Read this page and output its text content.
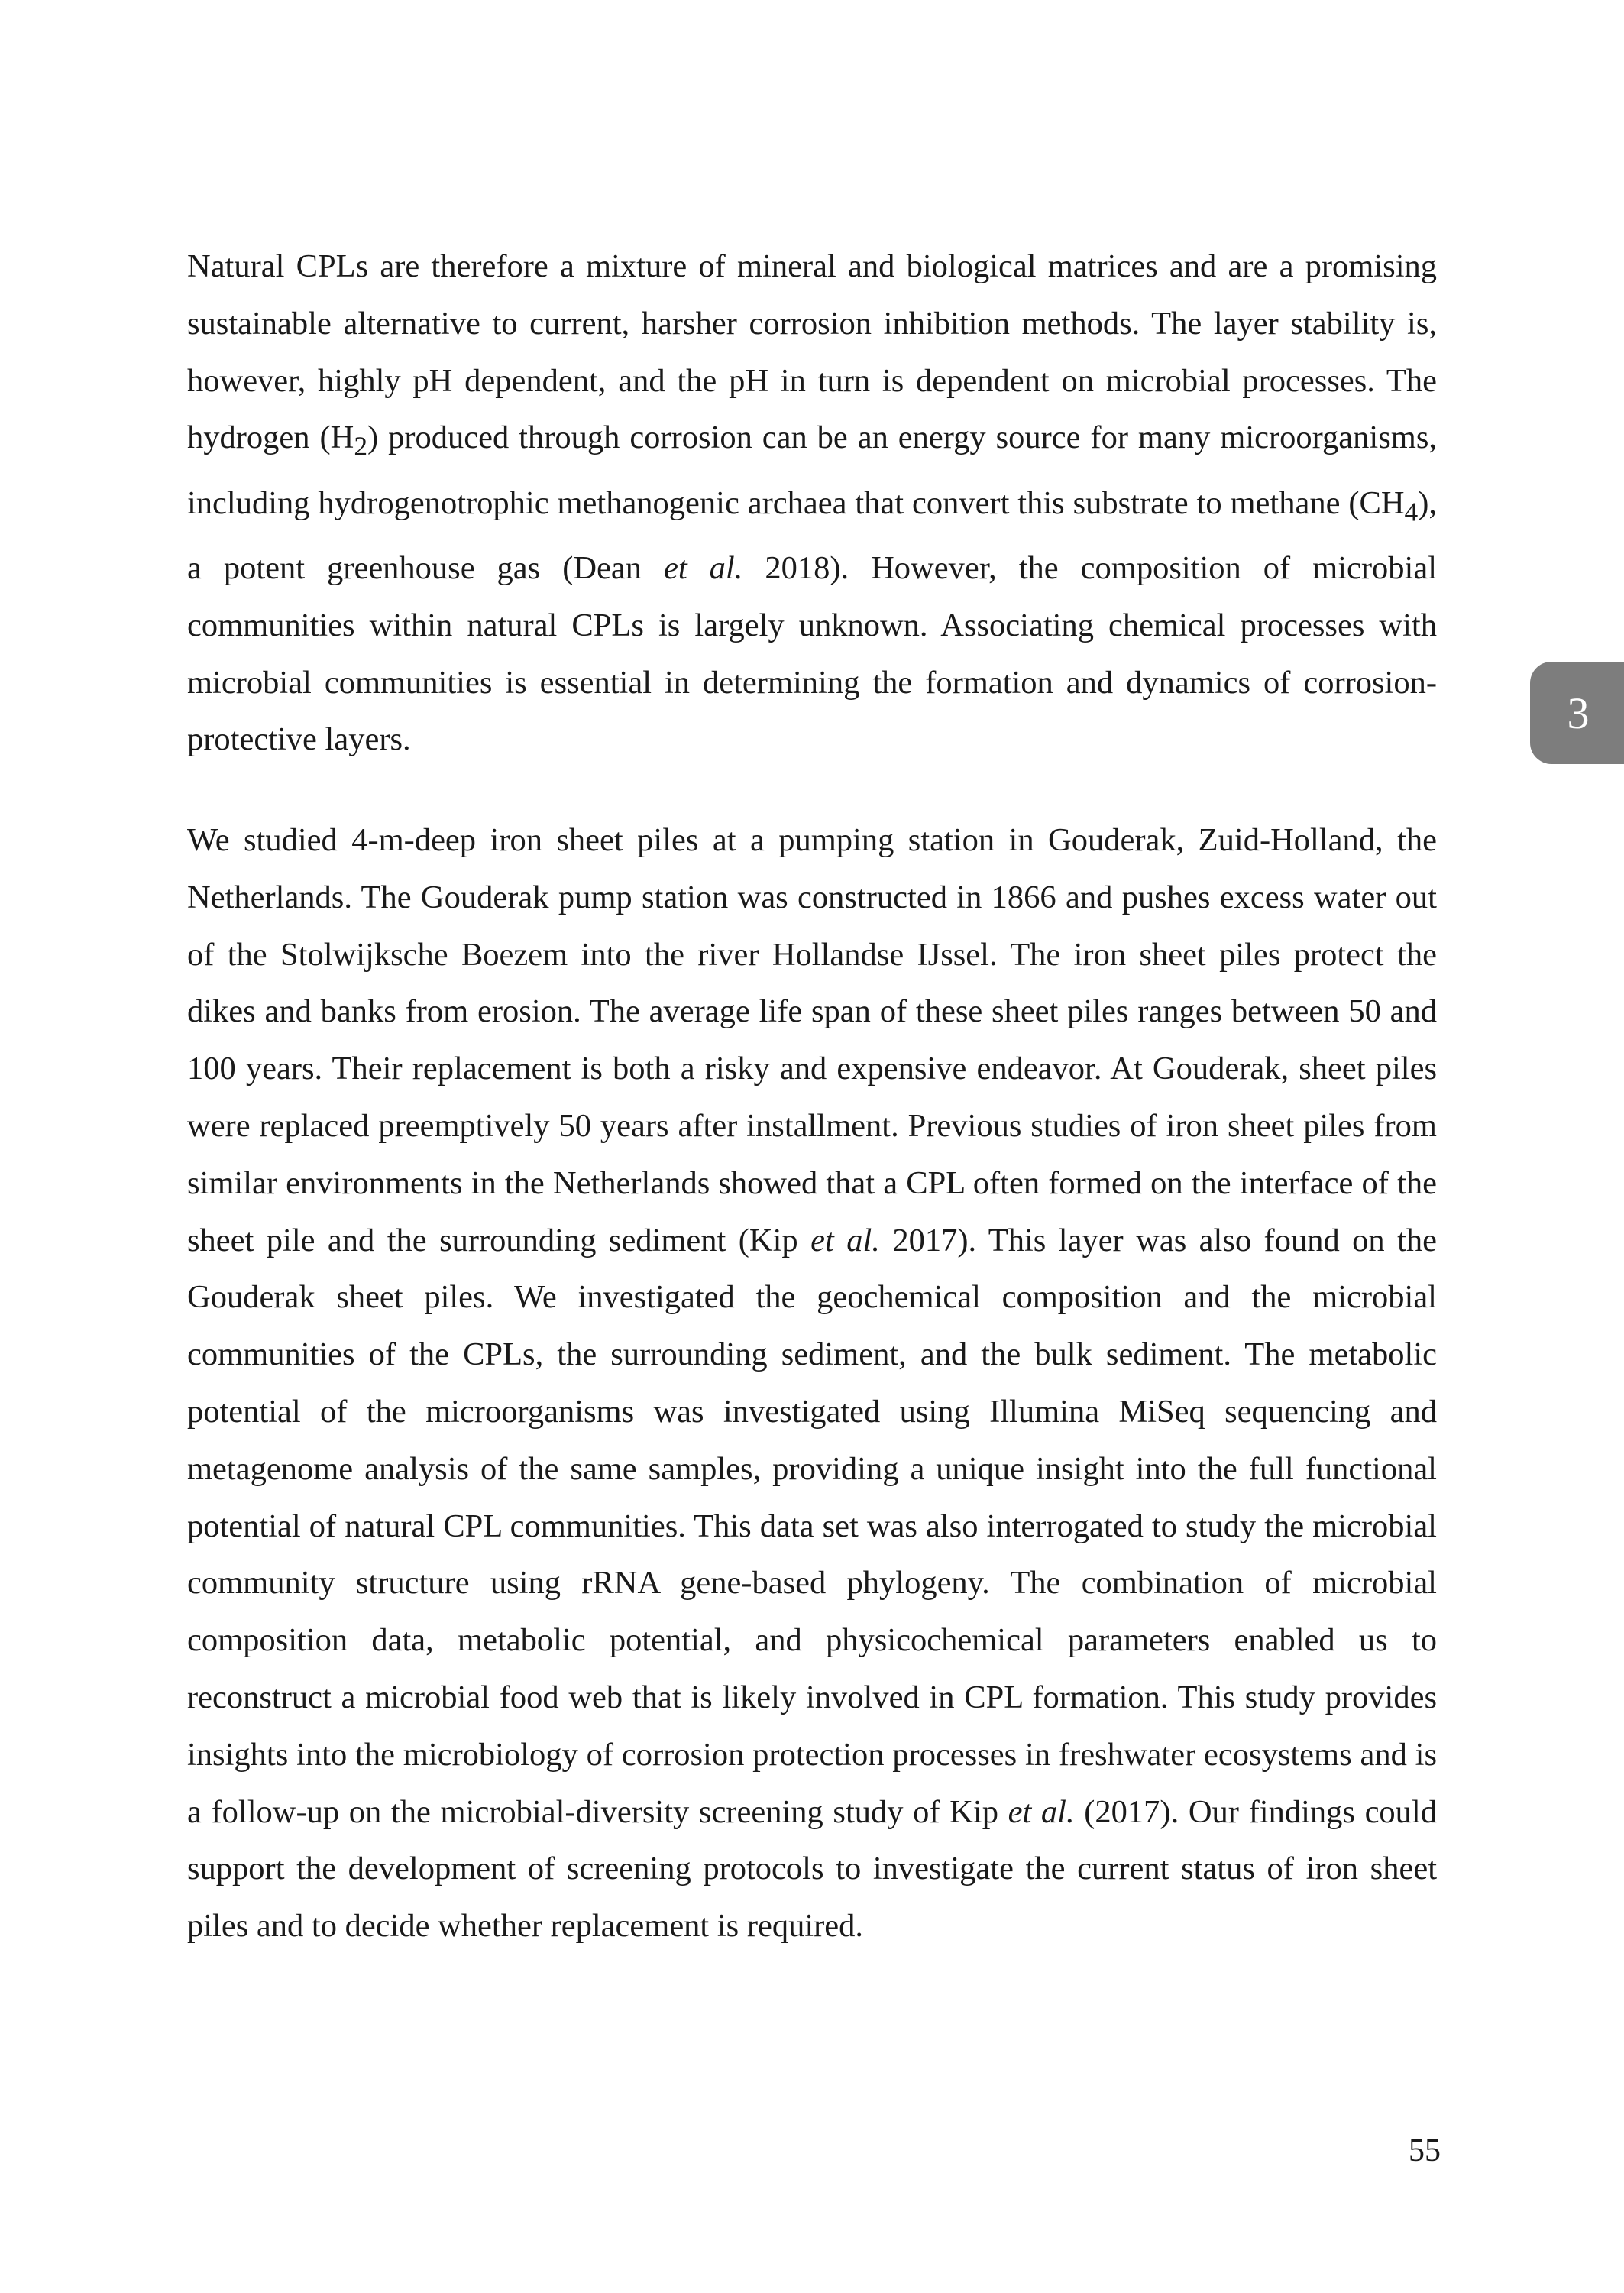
Natural CPLs are therefore a mixture of mineral and biological matrices and are a promising sustainable alternative to current, harsher corrosion inhibition methods. The layer stability is, however, highly pH dependent, and the pH in turn is dependent on microbial processes. The hydrogen $(H_2)$ produced through corrosion can be an energy source for many microorganisms, including hydrogenotrophic methanogenic archaea that convert this substrate to methane $(CH_4)$, a potent greenhouse gas (Dean et al. 2018). However, the composition of microbial communities within natural CPLs is largely unknown. Associating chemical processes with microbial communities is essential in determining the formation and dynamics of corrosion-protective layers.

We studied 4-m-deep iron sheet piles at a pumping station in Gouderak, Zuid-Holland, the Netherlands. The Gouderak pump station was constructed in 1866 and pushes excess water out of the Stolwijksche Boezem into the river Hollandse IJssel. The iron sheet piles protect the dikes and banks from erosion. The average life span of these sheet piles ranges between 50 and 100 years. Their replacement is both a risky and expensive endeavor. At Gouderak, sheet piles were replaced preemptively 50 years after installment. Previous studies of iron sheet piles from similar environments in the Netherlands showed that a CPL often formed on the interface of the sheet pile and the surrounding sediment (Kip et al. 2017). This layer was also found on the Gouderak sheet piles. We investigated the geochemical composition and the microbial communities of the CPLs, the surrounding sediment, and the bulk sediment. The metabolic potential of the microorganisms was investigated using Illumina MiSeq sequencing and metagenome analysis of the same samples, providing a unique insight into the full functional potential of natural CPL communities. This data set was also interrogated to study the microbial community structure using rRNA gene-based phylogeny. The combination of microbial composition data, metabolic potential, and physicochemical parameters enabled us to reconstruct a microbial food web that is likely involved in CPL formation. This study provides insights into the microbiology of corrosion protection processes in freshwater ecosystems and is a follow-up on the microbial-diversity screening study of Kip et al. (2017). Our findings could support the development of screening protocols to investigate the current status of iron sheet piles and to decide whether replacement is required.

3
55
